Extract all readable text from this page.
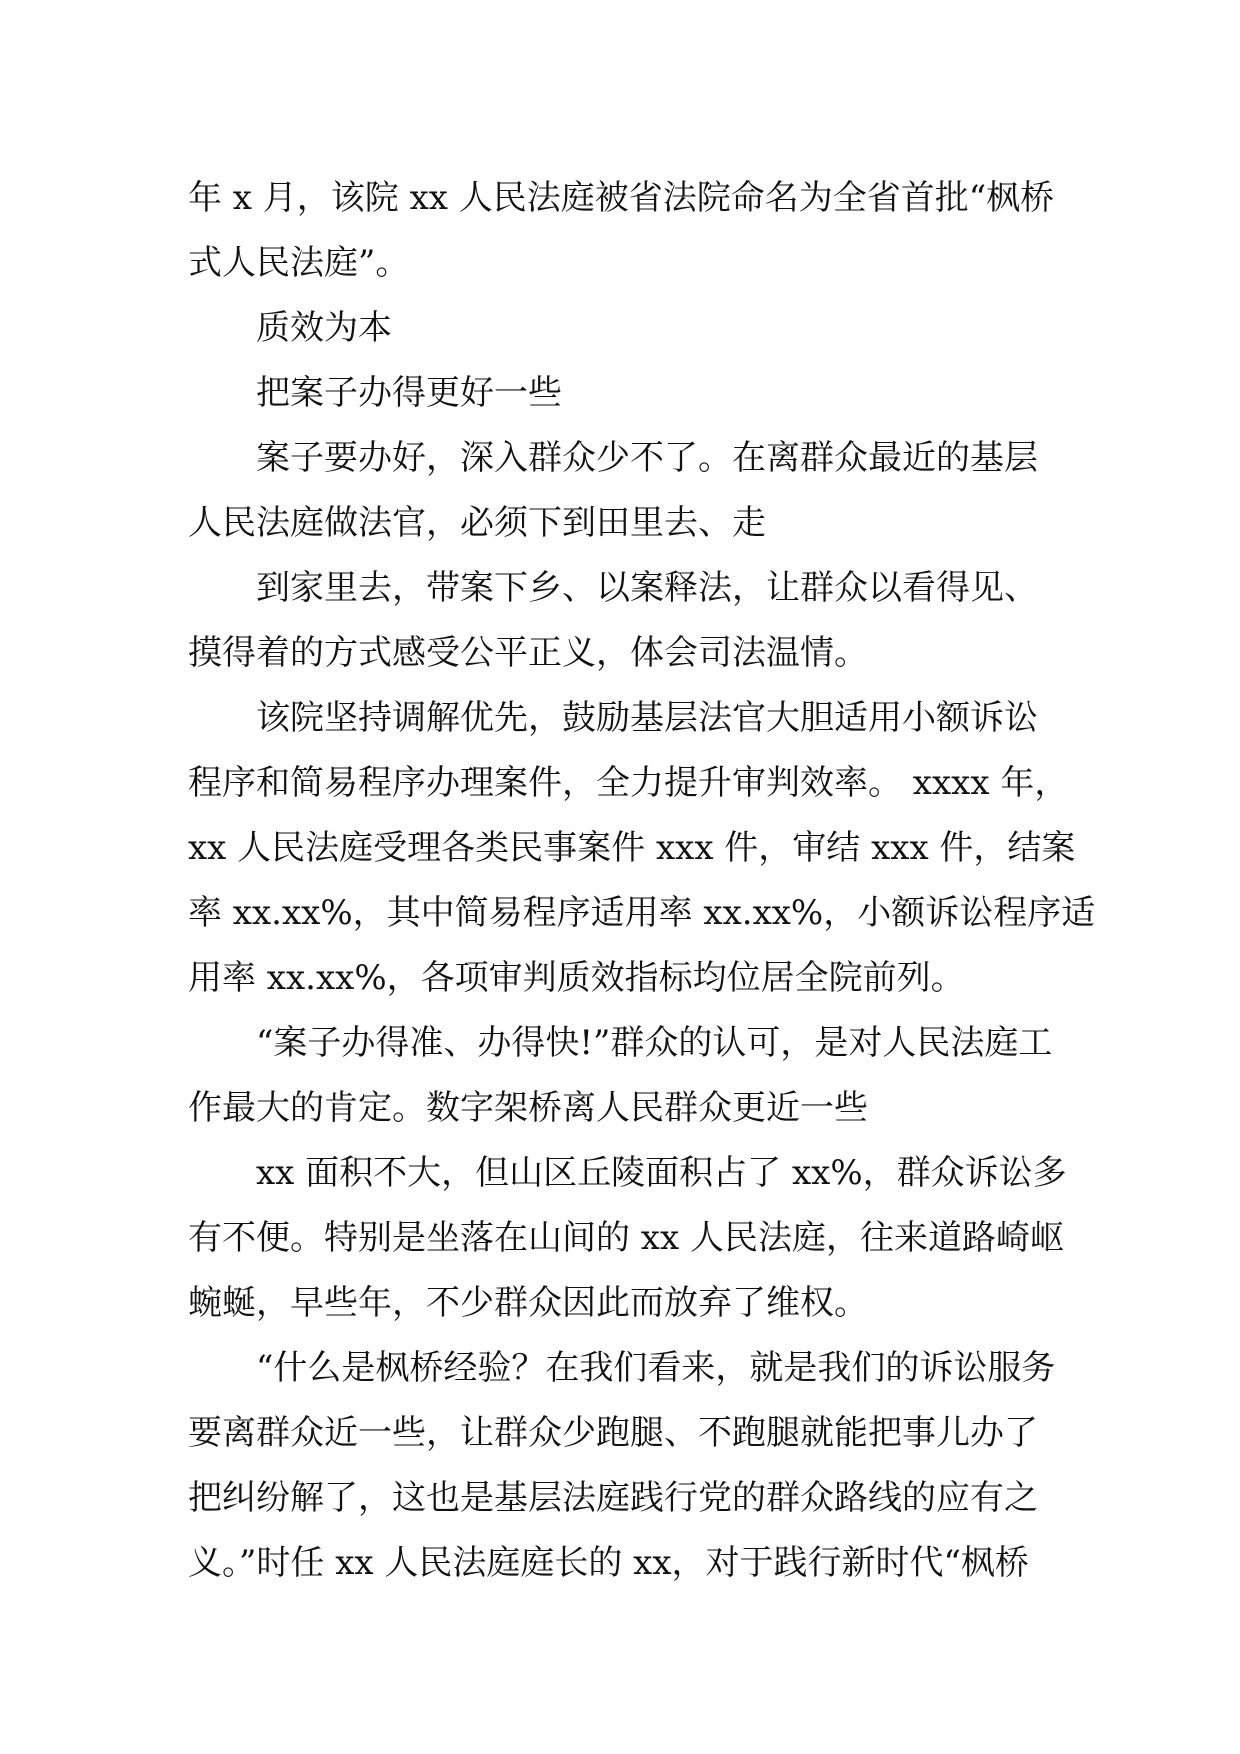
年 x 月，该院 xx 人民法庭被省法院命名为全省首批“枫桥
式人民法庭”。
质效为本
把案子办得更好一些
案子要办好，深入群众少不了。在离群众最近的基层
人民法庭做法官，必须下到田里去、走
到家里去，带案下乡、以案释法，让群众以看得见、
摸得着的方式感受公平正义，体会司法温情。
该院坚持调解优先，鼓励基层法官大胆适用小额诉讼
程序和简易程序办理案件，全力提升审判效率。 xxxx 年，
xx 人民法庭受理各类民事案件 xxx 件，审结 xxx 件，结案
率 xx.xx%，其中简易程序适用率 xx.xx%，小额诉讼程序适
用率 xx.xx%，各项审判质效指标均位居全院前列。
“案子办得准、办得快!”群众的认可，是对人民法庭工
作最大的肯定。数字架桥离人民群众更近一些
xx 面积不大，但山区丘陵面积占了 xx%，群众诉讼多
有不便。特别是坐落在山间的 xx 人民法庭，往来道路崎岖
蜿蜒，早些年，不少群众因此而放弃了维权。
“什么是枫桥经验？在我们看来，就是我们的诉讼服务
要离群众近一些，让群众少跑腿、不跑腿就能把事儿办了
把纠纷解了，这也是基层法庭践行党的群众路线的应有之
义。”时任 xx 人民法庭庭长的 xx，对于践行新时代“枫桥
